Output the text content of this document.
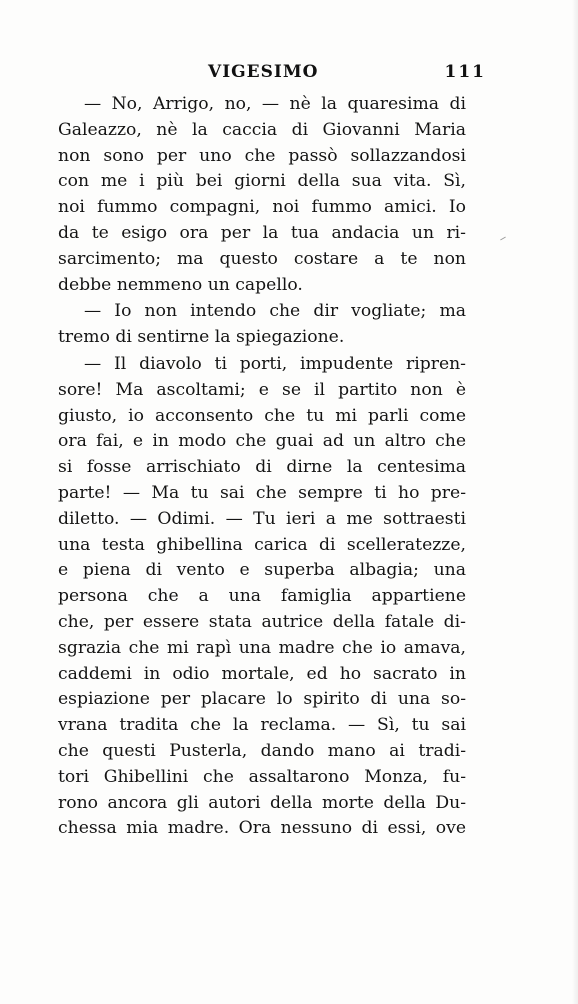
VIGESIMO	111
— No, Arrigo, no, — nè la quaresima di
Galeazzo, nè la caccia di Giovanni Maria
non sono per uno che passò sollazzandosi
con me i più bei giorni della sua vita. Sì,
noi fummo compagni, noi fummo amici. Io
da te esigo ora per la tua andacia un ri-
sarcimento; ma questo costare a te non
debbe nemmeno un capello.
— Io non intendo che dir vogliate; ma
tremo di sentirne la spiegazione.
— Il diavolo ti porti, impudente ripren-
sore! Ma ascoltami; e se il partito non è
giusto, io acconsento che tu mi parli come
ora fai, e in modo che guai ad un altro che
si fosse arrischiato di dirne la centesima
parte! — Ma tu sai che sempre ti ho pre-
diletto. — Odimi. — Tu ieri a me sottraesti
una testa ghibellina carica di scelleratezze,
e piena di vento e superba albagia; una
persona che a una famiglia appartiene
che, per essere stata autrice della fatale di-
sgrazia che mi rapì una madre che io amava,
caddemi in odio mortale, ed ho sacrato in
espiazione per placare lo spirito di una so-
vrana tradita che la reclama. — Sì, tu sai
che questi Pusterla, dando mano ai tradi-
tori Ghibellini che assaltarono Monza, fu-
rono ancora gli autori della morte della Du-
chessa mia madre. Ora nessuno di essi, ove
